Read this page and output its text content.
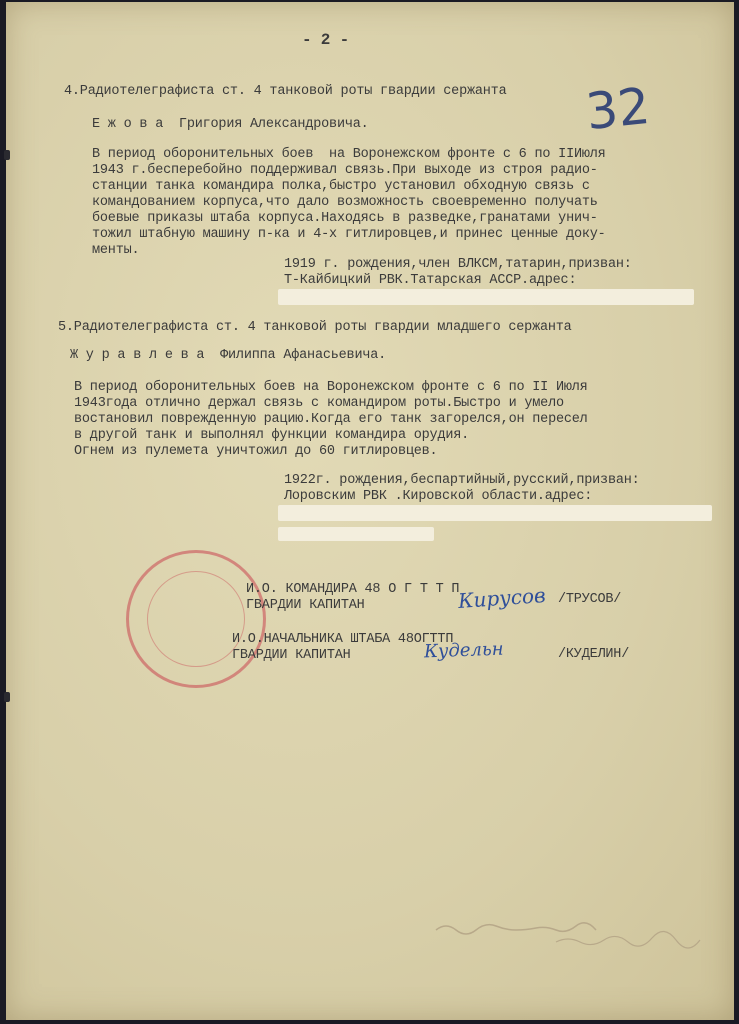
- 2 -
32
4.Радиотелеграфиста ст. 4 танковой роты гвардии сержанта
Е ж о в а  Григория Александровича.
В период оборонительных боев  на Воронежском фронте с 6 по IIИюля
1943 г.бесперебойно поддерживал связь.При выходе из строя радио-
станции танка командира полка,быстро установил обходную связь с
командованием корпуса,что дало возможность своевременно получать
боевые приказы штаба корпуса.Находясь в разведке,гранатами унич-
тожил штабную машину п-ка и 4-х гитлировцев,и принес ценные доку-
менты.
1919 г. рождения,член ВЛКСМ,татарин,призван:
Т-Кайбицкий РВК.Татарская АССР.адрес:
5.Радиотелеграфиста ст. 4 танковой роты гвардии младшего сержанта
Ж у р а в л е в а  Филиппа Афанасьевича.
В период оборонительных боев на Воронежском фронте с 6 по II Июля
1943года отлично держал связь с командиром роты.Быстро и умело
востановил поврежденную рацию.Когда его танк загорелся,он пересел
в другой танк и выполнял функции командира орудия.
Огнем из пулемета уничтожил до 60 гитлировцев.
1922г. рождения,беспартийный,русский,призван:
Лоровским РВК .Кировской области.адрес:
И.О. КОМАНДИРА 48 О Г Т Т П
ГВАРДИИ КАПИТАН	Кирусов /ТРУСОВ/
И.О.НАЧАЛЬНИКА ШТАБА 48ОГТТП
ГВАРДИИ КАПИТАН	Кудельн	/КУДЕЛИН/
